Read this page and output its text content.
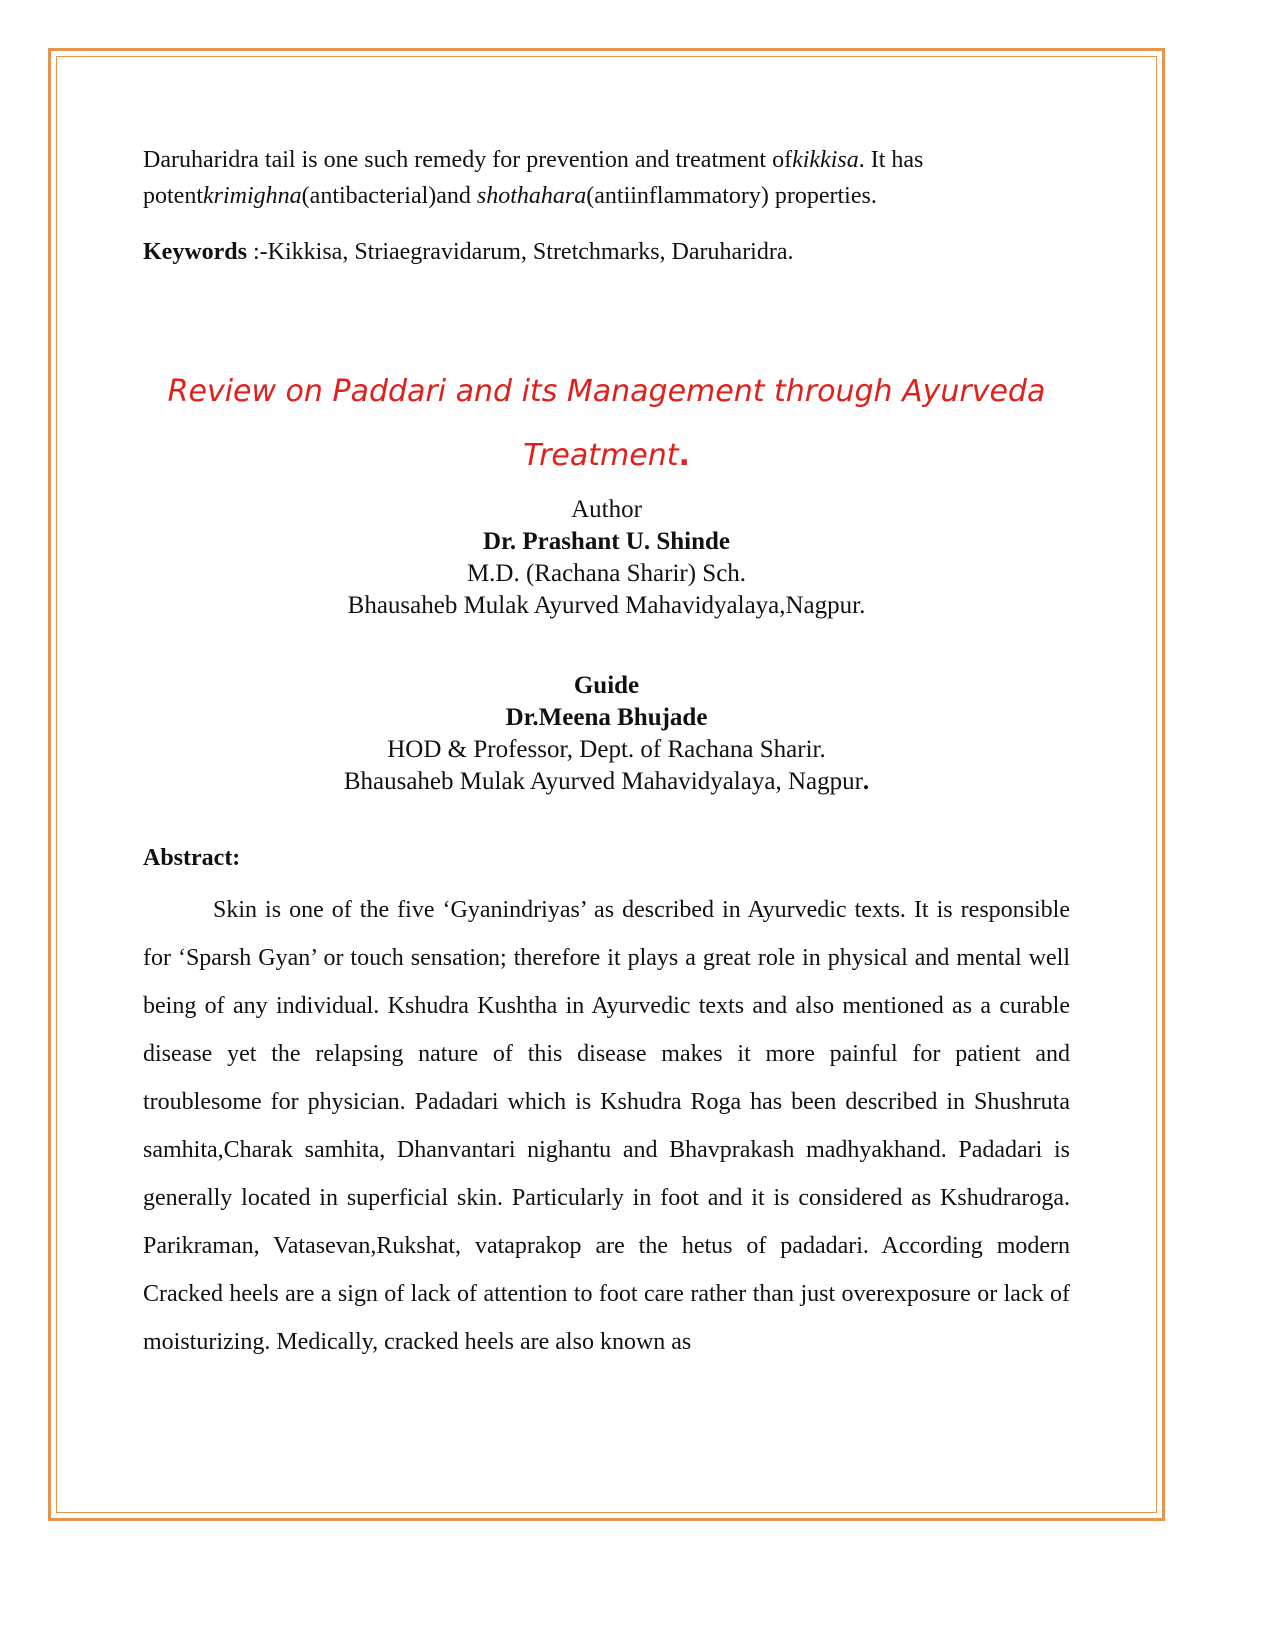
Daruharidra tail is one such remedy for prevention and treatment ofkikkisa. It has potentkrimighna(antibacterial)and shothahara(antiinflammatory) properties.
Keywords :-Kikkisa, Striaegravidarum, Stretchmarks, Daruharidra.
Review on Paddari and its Management through Ayurveda Treatment.
Author
Dr. Prashant U. Shinde
M.D. (Rachana Sharir) Sch.
Bhausaheb Mulak Ayurved Mahavidyalaya,Nagpur.
Guide
Dr.Meena Bhujade
HOD & Professor, Dept. of Rachana Sharir.
Bhausaheb Mulak Ayurved Mahavidyalaya, Nagpur.
Abstract:
Skin is one of the five ‘Gyanindriyas’ as described in Ayurvedic texts. It is responsible for ‘Sparsh Gyan’ or touch sensation; therefore it plays a great role in physical and mental well being of any individual. Kshudra Kushtha in Ayurvedic texts and also mentioned as a curable disease yet the relapsing nature of this disease makes it more painful for patient and troublesome for physician. Padadari which is Kshudra Roga has been described in Shushruta samhita,Charak samhita, Dhanvantari nighantu and Bhavprakash madhyakhand. Padadari is generally located in superficial skin. Particularly in foot and it is considered as Kshudraroga. Parikraman, Vatasevan,Rukshat, vataprakop are the hetus of padadari. According modern Cracked heels are a sign of lack of attention to foot care rather than just overexposure or lack of moisturizing. Medically, cracked heels are also known as
